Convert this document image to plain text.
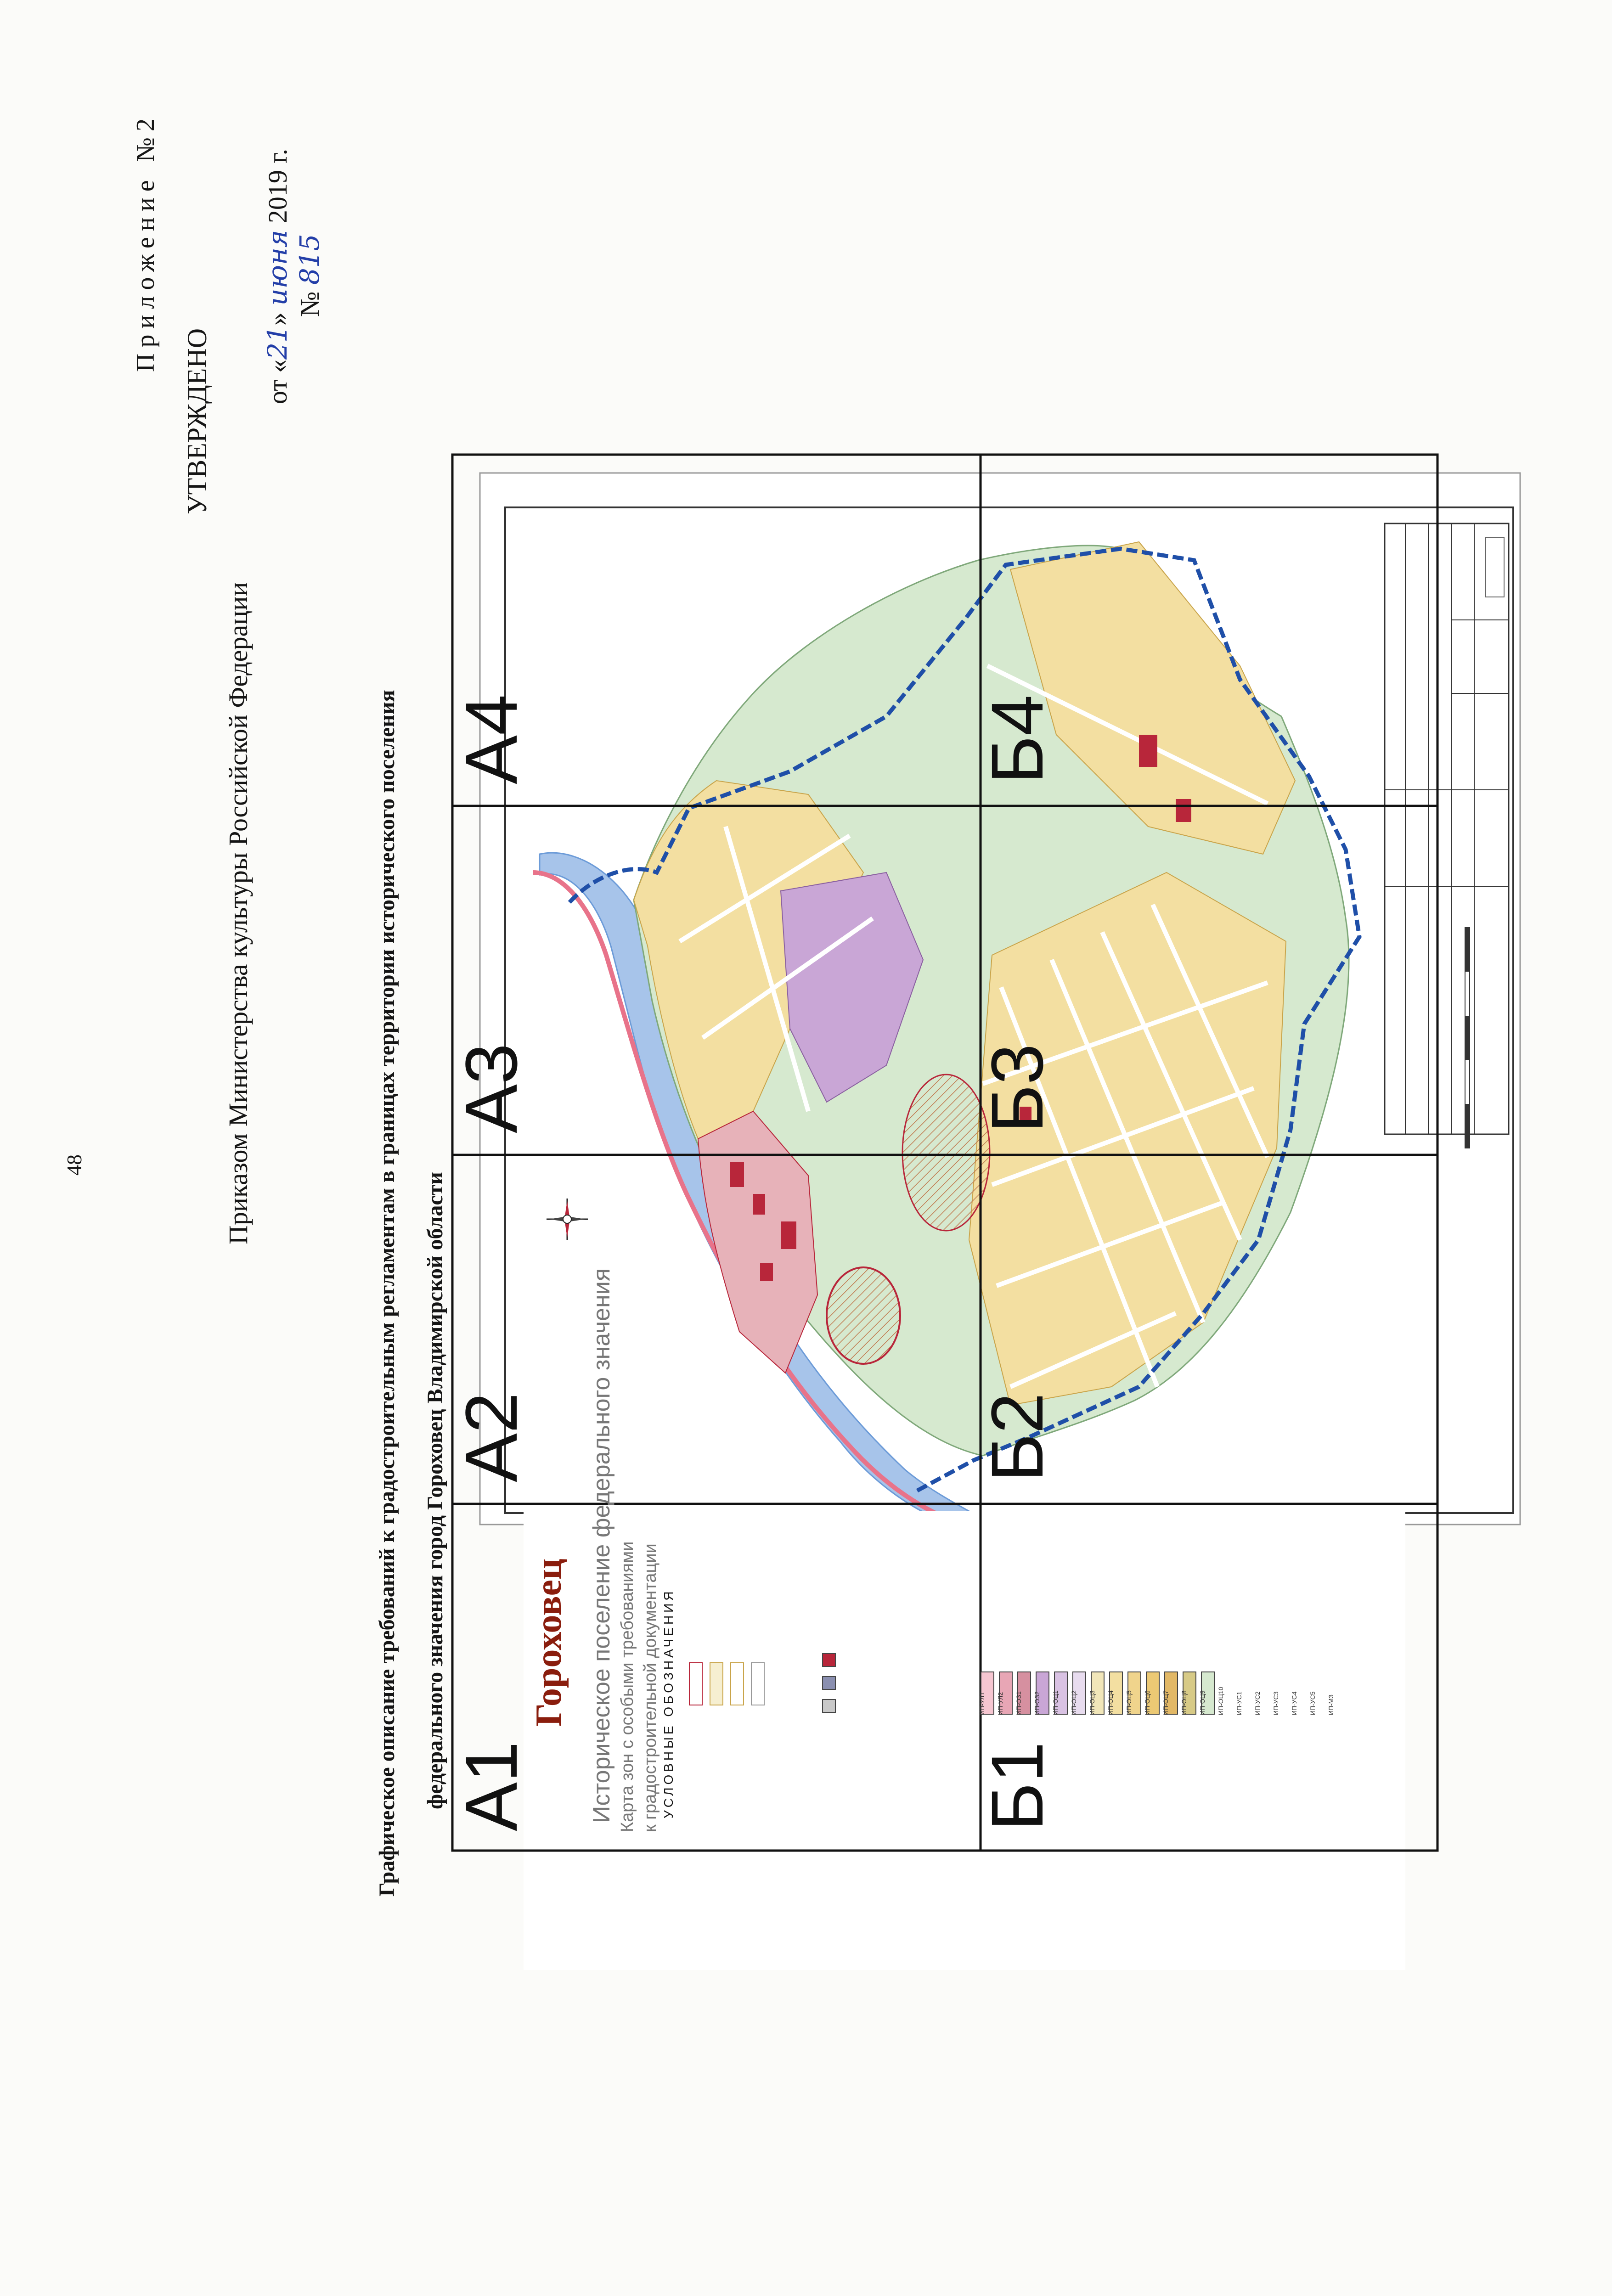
ИП-УЛ1 ИП-УЛ2 ИП-ОЗ1 ИП-ОЗ2 ИП-ОЦ1 ИП-ОЦ2 ИП-ОЦ3 ИП-ОЦ4 ИП-ОЦ5 ИП-ОЦ6 ИП-ОЦ7 ИП-ОЦ8 ИП-ОЦ9 ИП-ОЦ10 ИП-УС1 ИП-УС2 ИП-УС3 ИП-УС4 ИП-УС5 ИП-МЗ
Гороховец Историческое поселение федерального значения Карта зон с особыми требованиями к градостроительной документации УСЛОВНЫЕ ОБОЗНАЧЕНИЯ
А1
А2
А3
А4
Б1
Б2
Б3
Б4
48
Приложение №2
УТВЕРЖДЕНО
Приказом Министерства культуры Российской Федерации
от «21» июня 2019 г.
№ 815
Графическое описание требований к градостроительным регламентам в границах территории исторического поселения федерального значения город Гороховец Владимирской области
